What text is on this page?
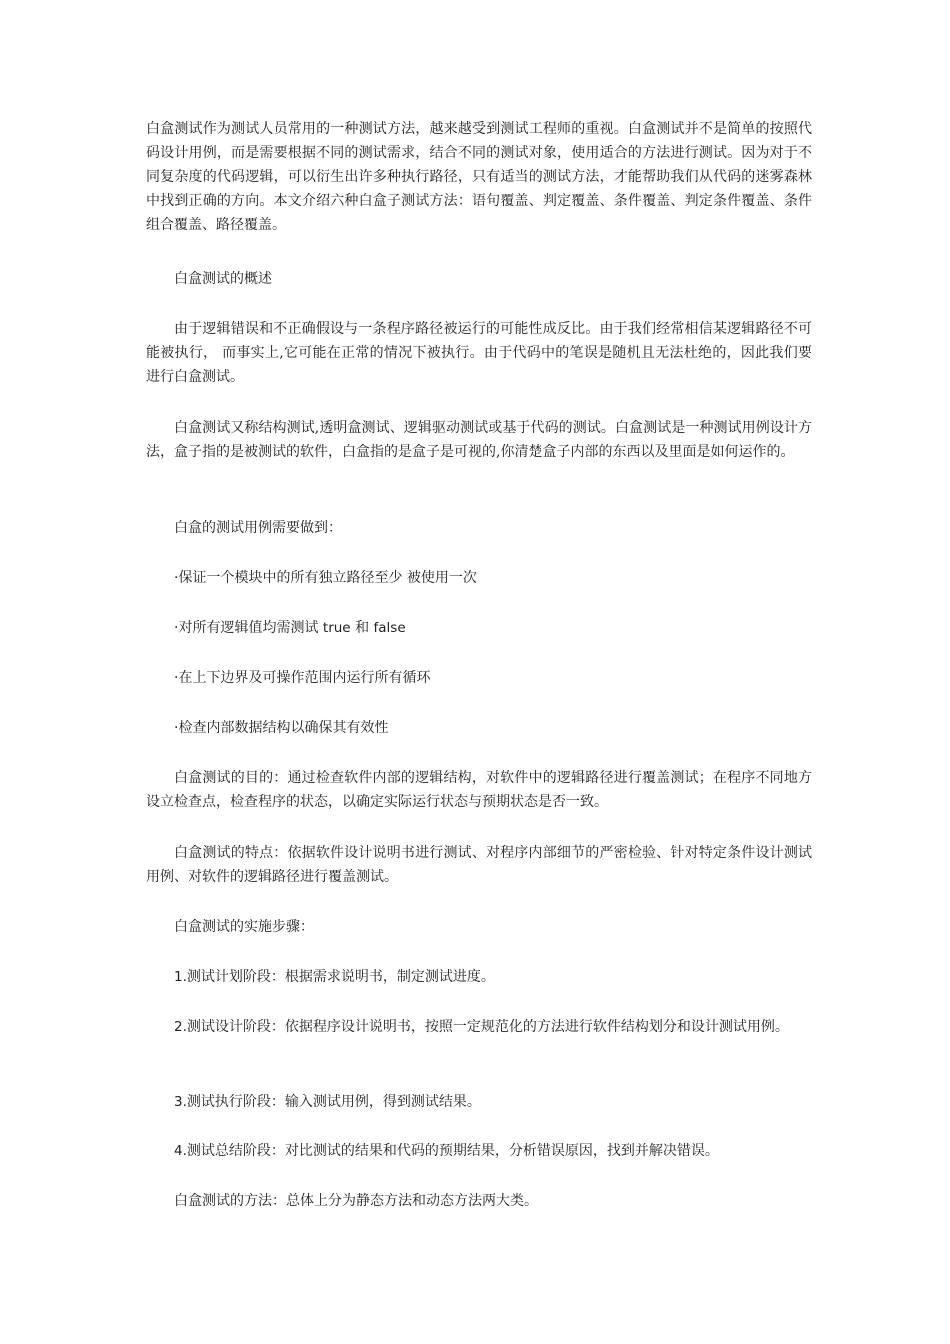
白盒测试作为测试人员常用的一种测试方法，越来越受到测试工程师的重视。白盒测试并不是简单的按照代码设计用例，而是需要根据不同的测试需求，结合不同的测试对象，使用适合的方法进行测试。因为对于不同复杂度的代码逻辑，可以衍生出许多种执行路径，只有适当的测试方法，才能帮助我们从代码的迷雾森林中找到正确的方向。本文介绍六种白盒子测试方法：语句覆盖、判定覆盖、条件覆盖、判定条件覆盖、条件组合覆盖、路径覆盖。

白盒测试的概述

由于逻辑错误和不正确假设与一条程序路径被运行的可能性成反比。由于我们经常相信某逻辑路径不可能被执行， 而事实上,它可能在正常的情况下被执行。由于代码中的笔误是随机且无法杜绝的，因此我们要进行白盒测试。

白盒测试又称结构测试,透明盒测试、逻辑驱动测试或基于代码的测试。白盒测试是一种测试用例设计方法，盒子指的是被测试的软件，白盒指的是盒子是可视的,你清楚盒子内部的东西以及里面是如何运作的。

白盒的测试用例需要做到：

·保证一个模块中的所有独立路径至少 被使用一次

·对所有逻辑值均需测试 true 和 false

·在上下边界及可操作范围内运行所有循环

·检查内部数据结构以确保其有效性

白盒测试的目的：通过检查软件内部的逻辑结构，对软件中的逻辑路径进行覆盖测试；在程序不同地方设立检查点，检查程序的状态，以确定实际运行状态与预期状态是否一致。

白盒测试的特点：依据软件设计说明书进行测试、对程序内部细节的严密检验、针对特定条件设计测试用例、对软件的逻辑路径进行覆盖测试。

白盒测试的实施步骤：

1.测试计划阶段：根据需求说明书，制定测试进度。

2.测试设计阶段：依据程序设计说明书，按照一定规范化的方法进行软件结构划分和设计测试用例。

3.测试执行阶段：输入测试用例，得到测试结果。

4.测试总结阶段：对比测试的结果和代码的预期结果，分析错误原因，找到并解决错误。

白盒测试的方法：总体上分为静态方法和动态方法两大类。
